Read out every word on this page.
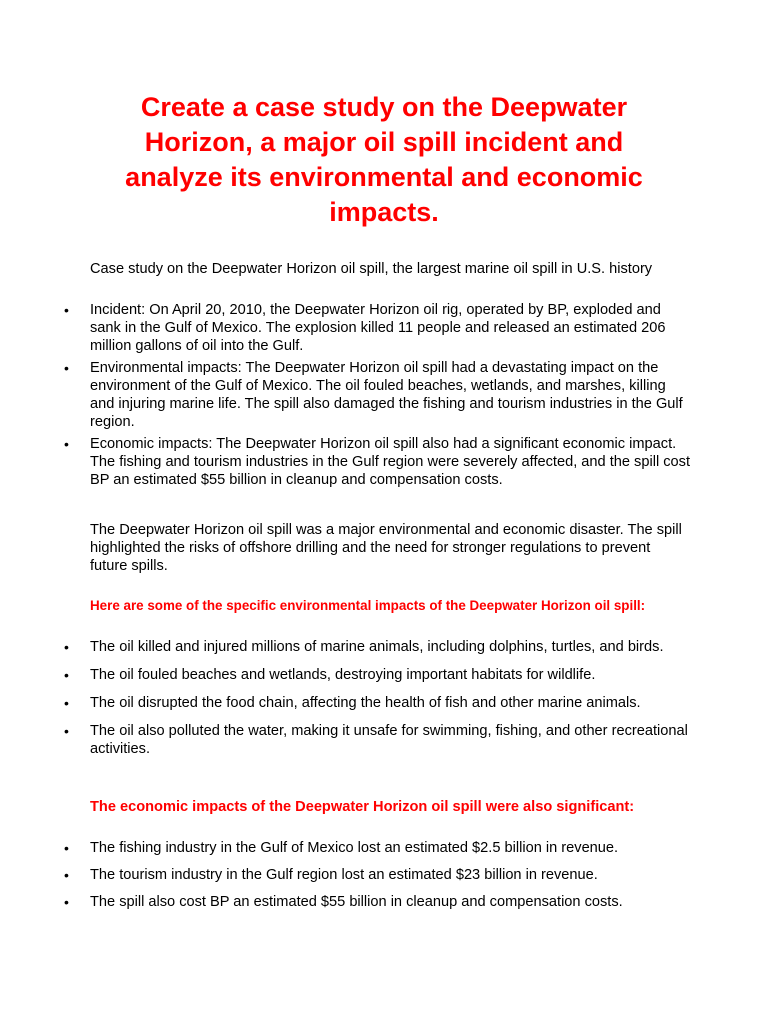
Create a case study on the Deepwater Horizon, a major oil spill incident and analyze its environmental and economic impacts.

Case study on the Deepwater Horizon oil spill, the largest marine oil spill in U.S. history

• Incident: On April 20, 2010, the Deepwater Horizon oil rig, operated by BP, exploded and sank in the Gulf of Mexico. The explosion killed 11 people and released an estimated 206 million gallons of oil into the Gulf.
• Environmental impacts: The Deepwater Horizon oil spill had a devastating impact on the environment of the Gulf of Mexico. The oil fouled beaches, wetlands, and marshes, killing and injuring marine life. The spill also damaged the fishing and tourism industries in the Gulf region.
• Economic impacts: The Deepwater Horizon oil spill also had a significant economic impact. The fishing and tourism industries in the Gulf region were severely affected, and the spill cost BP an estimated $55 billion in cleanup and compensation costs.

The Deepwater Horizon oil spill was a major environmental and economic disaster. The spill highlighted the risks of offshore drilling and the need for stronger regulations to prevent future spills.

Here are some of the specific environmental impacts of the Deepwater Horizon oil spill:

• The oil killed and injured millions of marine animals, including dolphins, turtles, and birds.
• The oil fouled beaches and wetlands, destroying important habitats for wildlife.
• The oil disrupted the food chain, affecting the health of fish and other marine animals.
• The oil also polluted the water, making it unsafe for swimming, fishing, and other recreational activities.

The economic impacts of the Deepwater Horizon oil spill were also significant:

• The fishing industry in the Gulf of Mexico lost an estimated $2.5 billion in revenue.
• The tourism industry in the Gulf region lost an estimated $23 billion in revenue.
• The spill also cost BP an estimated $55 billion in cleanup and compensation costs.
